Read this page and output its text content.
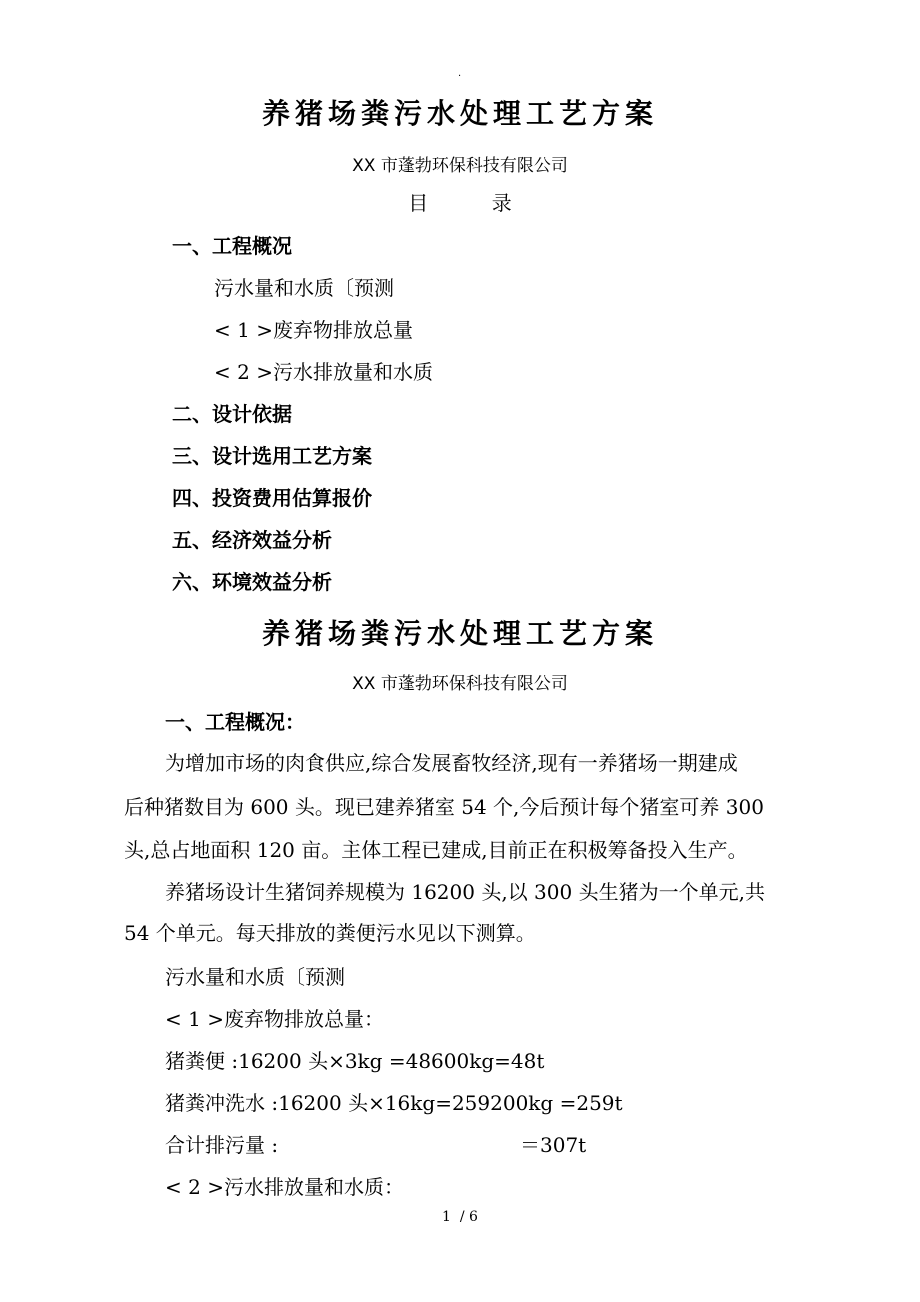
.
养猪场粪污水处理工艺方案
XX 市蓬勃环保科技有限公司
目          录
一、工程概况
污水量和水质〔预测
< 1 >废弃物排放总量
< 2 >污水排放量和水质
二、设计依据
三、设计选用工艺方案
四、投资费用估算报价
五、经济效益分析
六、环境效益分析
养猪场粪污水处理工艺方案
XX 市蓬勃环保科技有限公司
一、工程概况：
为增加市场的肉食供应,综合发展畜牧经济,现有一养猪场一期建成
后种猪数目为 600 头。现已建养猪室 54 个,今后预计每个猪室可养 300
头,总占地面积 120 亩。主体工程已建成,目前正在积极筹备投入生产。
养猪场设计生猪饲养规模为 16200 头,以 300 头生猪为一个单元,共
54 个单元。每天排放的粪便污水见以下测算。
污水量和水质〔预测
< 1 >废弃物排放总量：
猪粪便 :16200 头×3kg =48600kg=48t
猪粪冲洗水 :16200 头×16kg=259200kg =259t
合计排污量 :	＝307t
< 2 >污水排放量和水质：
1  / 6
